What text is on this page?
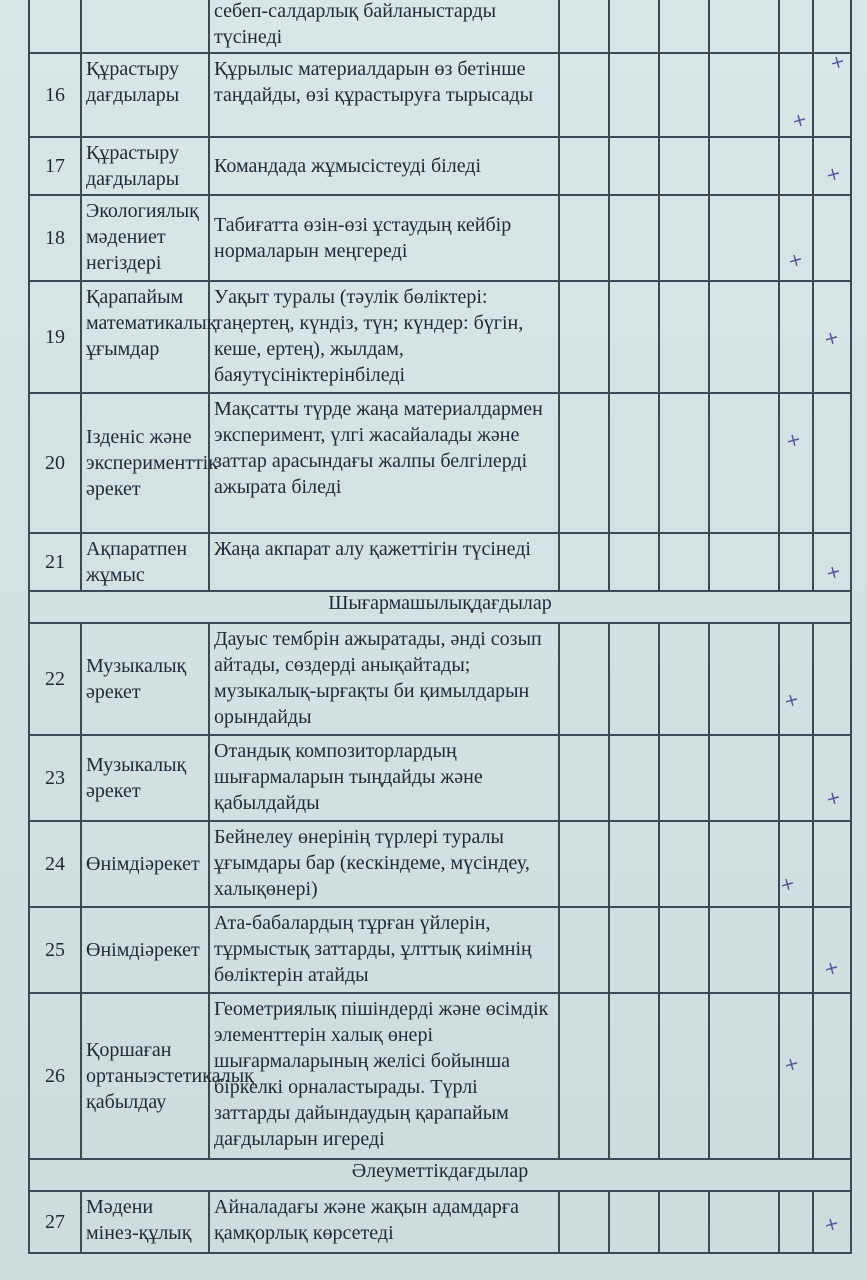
		себеп-салдарлық байланыстарды түсінеді						
16	Құрастыру дағдылары	Құрылыс материалдарын өз бетінше таңдайды, өзі құрастыруға тырысады					+	+

17	Құрастыру дағдылары	Командада жұмысістеуді біледі						+

18	Экологиялық мәдениет негіздері	Табиғатта өзін-өзі ұстаудың кейбір нормаларын меңгереді					+	

19	Қарапайым математикалық ұғымдар	Уақыт туралы (тәулік бөліктері: таңертең, күндіз, түн; күндер: бүгін, кеше, ертең), жылдам, баяутүсініктерінбіледі						+

20	Ізденіс және эксперименттік әрекет	Мақсатты түрде жаңа материалдармен эксперимент, үлгі жасайалады және заттар арасындағы жалпы белгілерді ажырата біледі					+	

21	Ақпаратпен жұмыс	Жаңа акпарат алу қажеттігін түсінеді						+

Шығармашылықдағдылар								
22	Музыкалық әрекет	Дауыс тембрін ажыратады, әнді созып айтады, сөздерді анықайтады; музыкалық-ырғақты би қимылдарын орындайды					+	

23	Музыкалық әрекет	Отандық композиторлардың шығармаларын тыңдайды және қабылдайды						+

24	Өнімдіәрекет	Бейнелеу өнерінің түрлері туралы ұғымдары бар (кескіндеме, мүсіндеу, халықөнері)					+	

25	Өнімдіәрекет	Ата-бабалардың тұрған үйлерін, тұрмыстық заттарды, ұлттық киімнің бөліктерін атайды						+

26	Қоршаған ортаныэстетикалық қабылдау	Геометриялық пішіндерді және өсімдік элементтерін халық өнері шығармаларының желісі бойынша біркелкі орналастырады. Түрлі заттарды дайындаудың қарапайым дағдыларын игереді					+	

Әлеуметтікдағдылар								
27	Мәдени мінез-құлық	Айналадағы және жақын адамдарға қамқорлық көрсетеді						+
